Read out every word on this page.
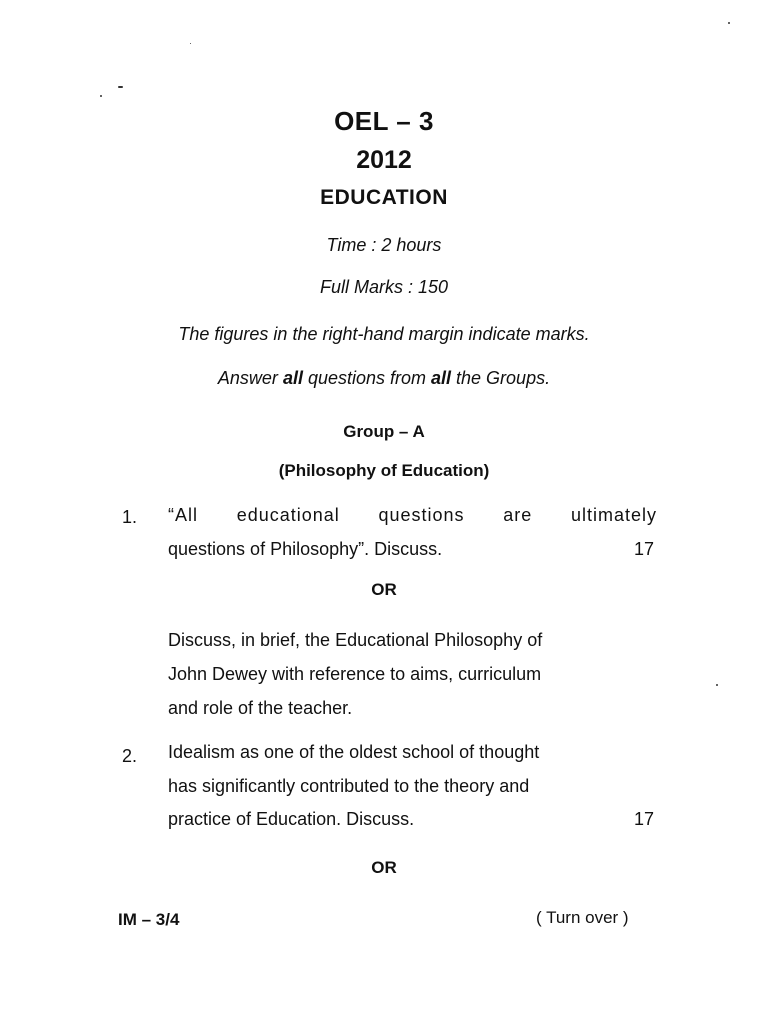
OEL – 3
2012
EDUCATION
Time : 2 hours
Full Marks : 150
The figures in the right-hand margin indicate marks.
Answer all questions from all the Groups.
Group – A
(Philosophy of Education)
1. “All educational questions are ultimately
questions of Philosophy”. Discuss.	17
OR
Discuss, in brief, the Educational Philosophy of
John Dewey with reference to aims, curriculum
and role of the teacher.
2. Idealism as one of the oldest school of thought
has significantly contributed to the theory and
practice of Education. Discuss.	17
OR
IM – 3/4	( Turn over )
